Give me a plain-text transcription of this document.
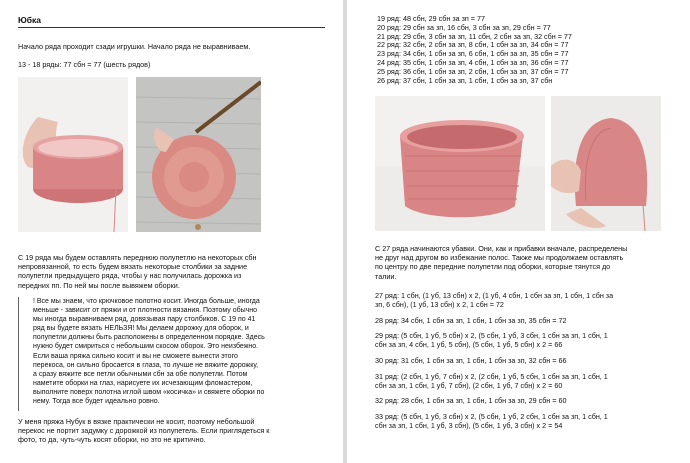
Юбка
Начало ряда проходит сзади игрушки. Начало ряда не выравниваем.
13 - 18 ряды: 77 сбн = 77 (шесть рядов)
С 19 ряда мы будем оставлять переднюю полупетлю на некоторых сбн
непровязанной, то есть будем вязать некоторые столбики за задние
полупетли предыдущего ряда, чтобы у нас получилась дорожка из
передних пп. По ней мы после вывяжем оборки.
! Все мы знаем, что крючковое полотно косит. Иногда больше, иногда
меньше - зависит от пряжи и от плотности вязания. Поэтому обычно
мы иногда выравниваем ряд, довязывая пару столбиков. С 19 по 41
ряд вы будете вязать НЕЛЬЗЯ! Мы делаем дорожку для оборок, и
полупетли должны быть расположены в определенном порядке. Здесь
нужно будет смириться с небольшим скосом оборок. Это неизбежно.
Если ваша пряжа сильно косит и вы не сможете вынести этого
перекоса, он сильно бросается в глаза, то лучше не вяжите дорожку,
а сразу вяжите все петли обычными сбн за обе полупетли. Потом
наметите оборки на глаз, нарисуете их исчезающим фломастером,
выполните поверх полотна иглой швом «косичка» и свяжете оборки по
нему. Тогда все будет идеально ровно.
У меня пряжа Нубук в вязке практически не косит, поэтому небольшой
перекос не портит задумку с дорожкой из полупетель. Если приглядеться к
фото, то да, чуть-чуть косят оборки, но это не критично.
19 ряд: 48 сбн, 29 сбн за зп = 77
20 ряд: 29 сбн за зп, 16 сбн, 3 сбн за зп, 29 сбн = 77
21 ряд: 29 сбн, 3 сбн за зп, 11 сбн, 2 сбн за зп, 32 сбн = 77
22 ряд: 32 сбн, 2 сбн за зп, 8 сбн, 1 сбн за зп, 34 сбн = 77
23 ряд: 34 сбн, 1 сбн за зп, 6 сбн, 1 сбн за зп, 35 сбн = 77
24 ряд: 35 сбн, 1 сбн за зп, 4 сбн, 1 сбн за зп, 36 сбн = 77
25 ряд: 36 сбн, 1 сбн за зп, 2 сбн, 1 сбн за зп, 37 сбн = 77
26 ряд: 37 сбн, 1 сбн за зп, 1 сбн, 1 сбн за зп, 37 сбн
С 27 ряда начинаются убавки. Они, как и прибавки вначале, распределены
не друг над другом во избежание полос. Также мы продолжаем оставлять
по центру по две передние полупетли под оборки, которые тянутся до
талии.
27 ряд: 1 сбн, (1 уб, 13 сбн) х 2, (1 уб, 4 сбн, 1 сбн за зп, 1 сбн, 1 сбн за
зп, 6 сбн), (1 уб, 13 сбн) х 2, 1 сбн = 72
28 ряд: 34 сбн, 1 сбн за зп, 1 сбн, 1 сбн за зп, 35 сбн = 72
29 ряд: (5 сбн, 1 уб, 5 сбн) х 2, (5 сбн, 1 уб, 3 сбн, 1 сбн за зп, 1 сбн, 1
сбн за зп, 4 сбн, 1 уб, 5 сбн), (5 сбн, 1 уб, 5 сбн) х 2 = 66
30 ряд: 31 сбн, 1 сбн за зп, 1 сбн, 1 сбн за зп, 32 сбн = 66
31 ряд: (2 сбн, 1 уб, 7 сбн) х 2, (2 сбн, 1 уб, 5 сбн, 1 сбн за зп, 1 сбн, 1
сбн за зп, 1 сбн, 1 уб, 7 сбн), (2 сбн, 1 уб, 7 сбн) х 2 = 60
32 ряд: 28 сбн, 1 сбн за зп, 1 сбн, 1 сбн за зп, 29 сбн = 60
33 ряд: (5 сбн, 1 уб, 3 сбн) х 2, (5 сбн, 1 уб, 2 сбн, 1 сбн за зп, 1 сбн, 1
сбн за зп, 1 сбн, 1 уб, 3 сбн), (5 сбн, 1 уб, 3 сбн) х 2 = 54
